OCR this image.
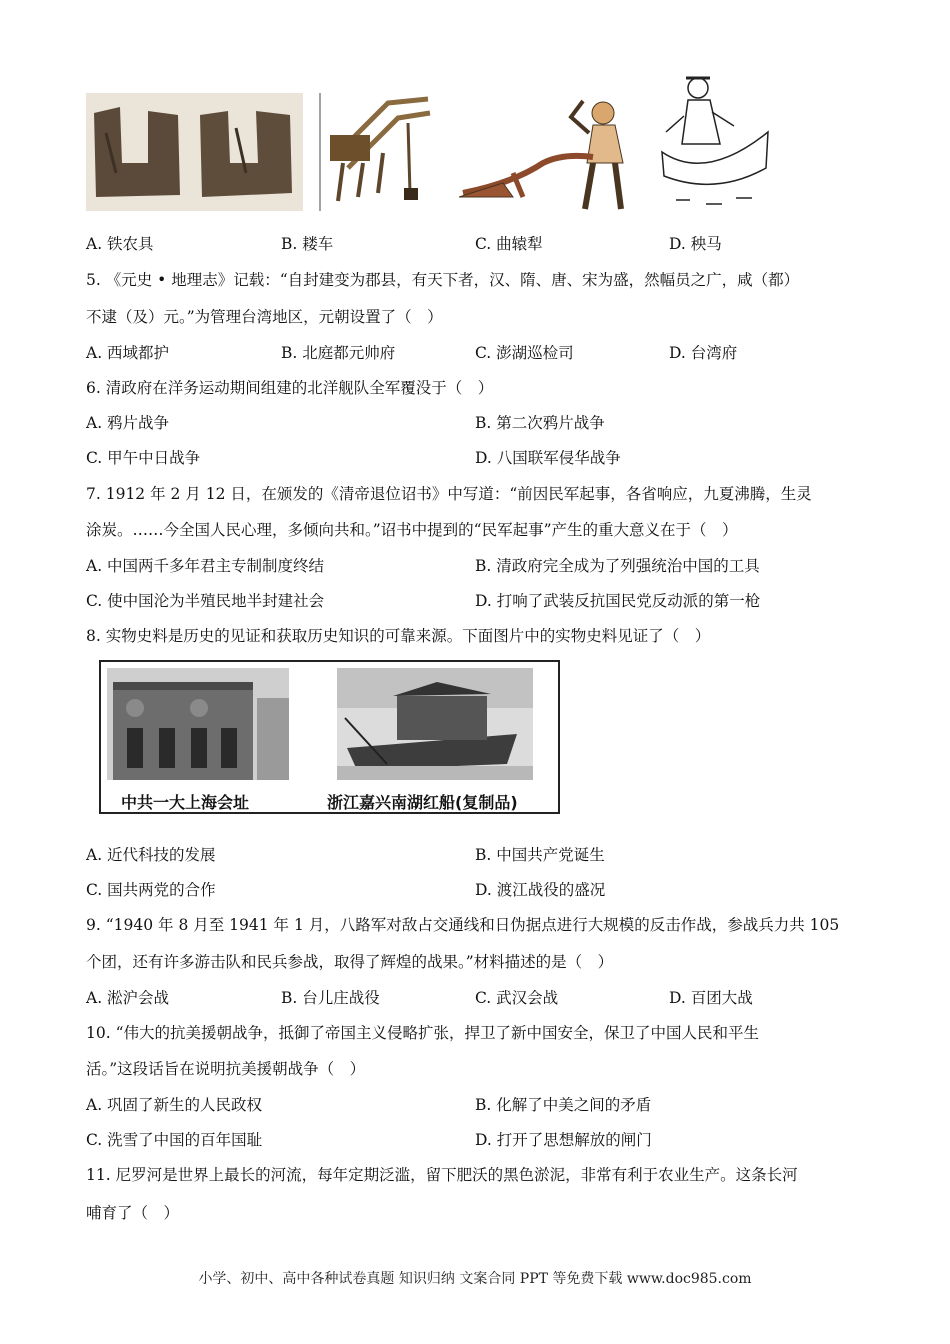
A. 铁农具	B. 耧车	C. 曲辕犁	D. 秧马
5. 《元史 • 地理志》记载：“自封建变为郡县，有天下者，汉、隋、唐、宋为盛，然幅员之广，咸（都）
不逮（及）元。”为管理台湾地区，元朝设置了（　）
A. 西域都护	B. 北庭都元帅府	C. 澎湖巡检司	D. 台湾府
6. 清政府在洋务运动期间组建的北洋舰队全军覆没于（　）
A. 鸦片战争	B. 第二次鸦片战争
C. 甲午中日战争	D. 八国联军侵华战争
7. 1912 年 2 月 12 日，在颁发的《清帝退位诏书》中写道：“前因民军起事，各省响应，九夏沸腾，生灵
涂炭。……今全国人民心理，多倾向共和。”诏书中提到的“民军起事”产生的重大意义在于（　）
A. 中国两千多年君主专制制度终结	B. 清政府完全成为了列强统治中国的工具
C. 使中国沦为半殖民地半封建社会	D. 打响了武装反抗国民党反动派的第一枪
8. 实物史料是历史的见证和获取历史知识的可靠来源。下面图片中的实物史料见证了（　）
中共一大上海会址	浙江嘉兴南湖红船(复制品)
A. 近代科技的发展	B. 中国共产党诞生
C. 国共两党的合作	D. 渡江战役的盛况
9. “1940 年 8 月至 1941 年 1 月，八路军对敌占交通线和日伪据点进行大规模的反击作战，参战兵力共 105
个团，还有许多游击队和民兵参战，取得了辉煌的战果。”材料描述的是（　）
A. 淞沪会战	B. 台儿庄战役	C. 武汉会战	D. 百团大战
10. “伟大的抗美援朝战争，抵御了帝国主义侵略扩张，捍卫了新中国安全，保卫了中国人民和平生
活。”这段话旨在说明抗美援朝战争（　）
A. 巩固了新生的人民政权	B. 化解了中美之间的矛盾
C. 洗雪了中国的百年国耻	D. 打开了思想解放的闸门
11. 尼罗河是世界上最长的河流，每年定期泛滥，留下肥沃的黑色淤泥，非常有利于农业生产。这条长河
哺育了（　）
小学、初中、高中各种试卷真题 知识归纳 文案合同 PPT 等免费下载 www.doc985.com
